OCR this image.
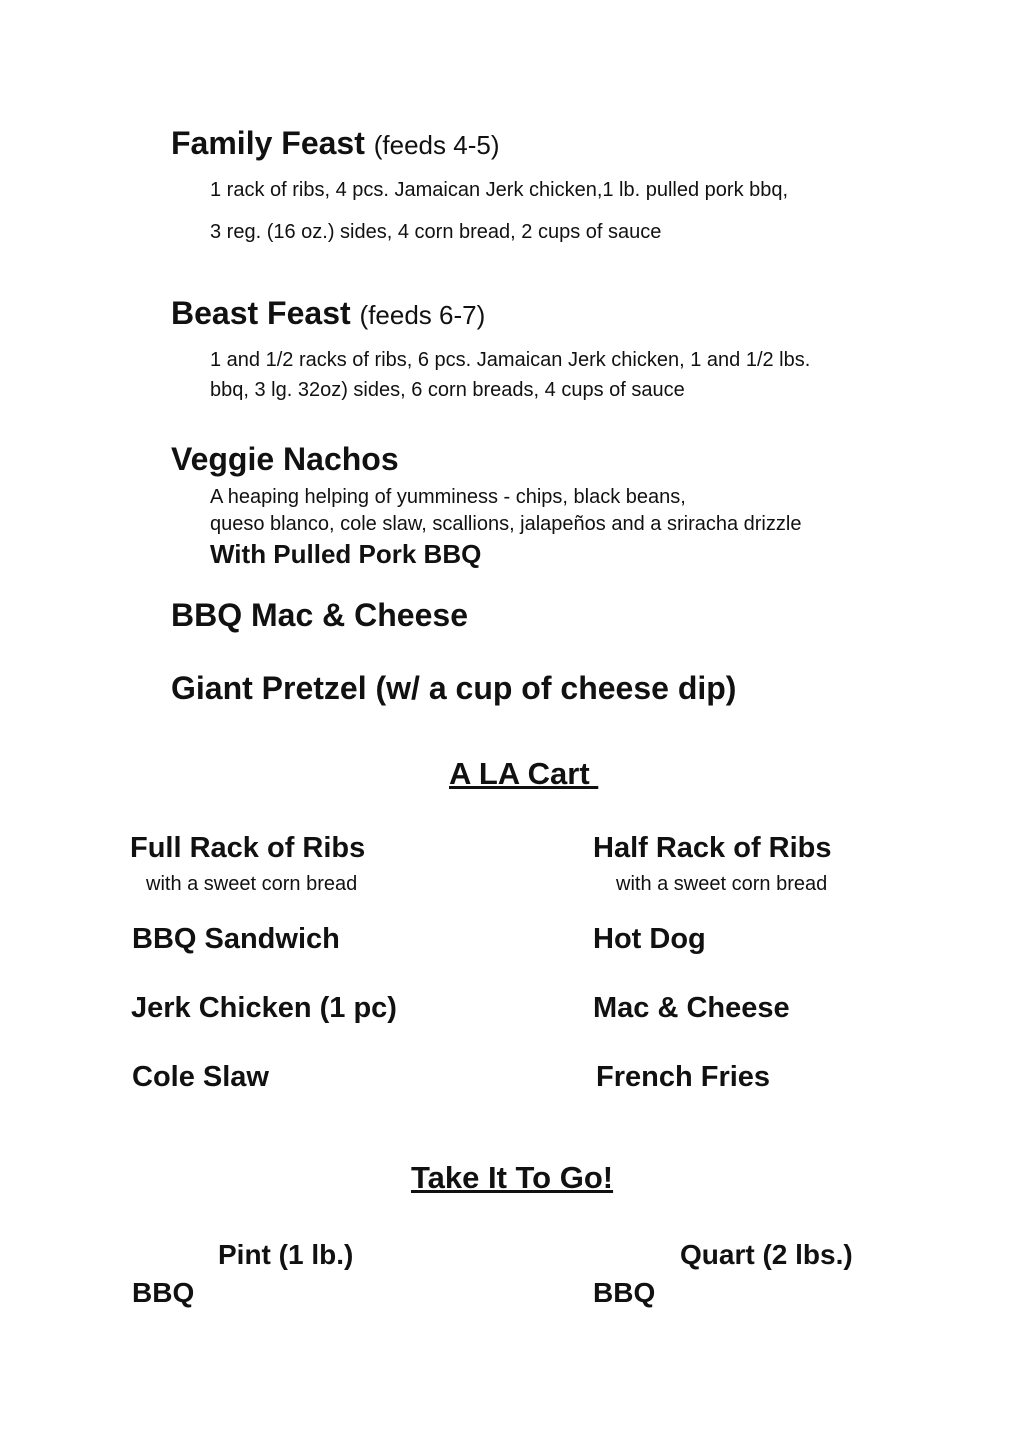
Family Feast (feeds 4-5)
1 rack of ribs, 4 pcs. Jamaican Jerk chicken,1 lb. pulled pork bbq,
3 reg. (16 oz.) sides, 4 corn bread, 2 cups of sauce
Beast Feast (feeds 6-7)
1 and 1/2 racks of ribs, 6 pcs. Jamaican Jerk chicken, 1 and 1/2 lbs.
bbq, 3 lg. 32oz) sides, 6 corn breads, 4 cups of sauce
Veggie Nachos
A heaping helping of yumminess - chips, black beans,
queso blanco, cole slaw, scallions, jalapeños and a sriracha drizzle
With Pulled Pork BBQ
BBQ Mac & Cheese
Giant Pretzel (w/ a cup of cheese dip)
A LA Cart
Full Rack of Ribs
with a sweet corn bread
BBQ Sandwich
Jerk Chicken (1 pc)
Cole Slaw
Half Rack of Ribs
with a sweet corn bread
Hot Dog
Mac & Cheese
French Fries
Take It To Go!
Pint (1 lb.)
BBQ
Quart (2 lbs.)
BBQ
